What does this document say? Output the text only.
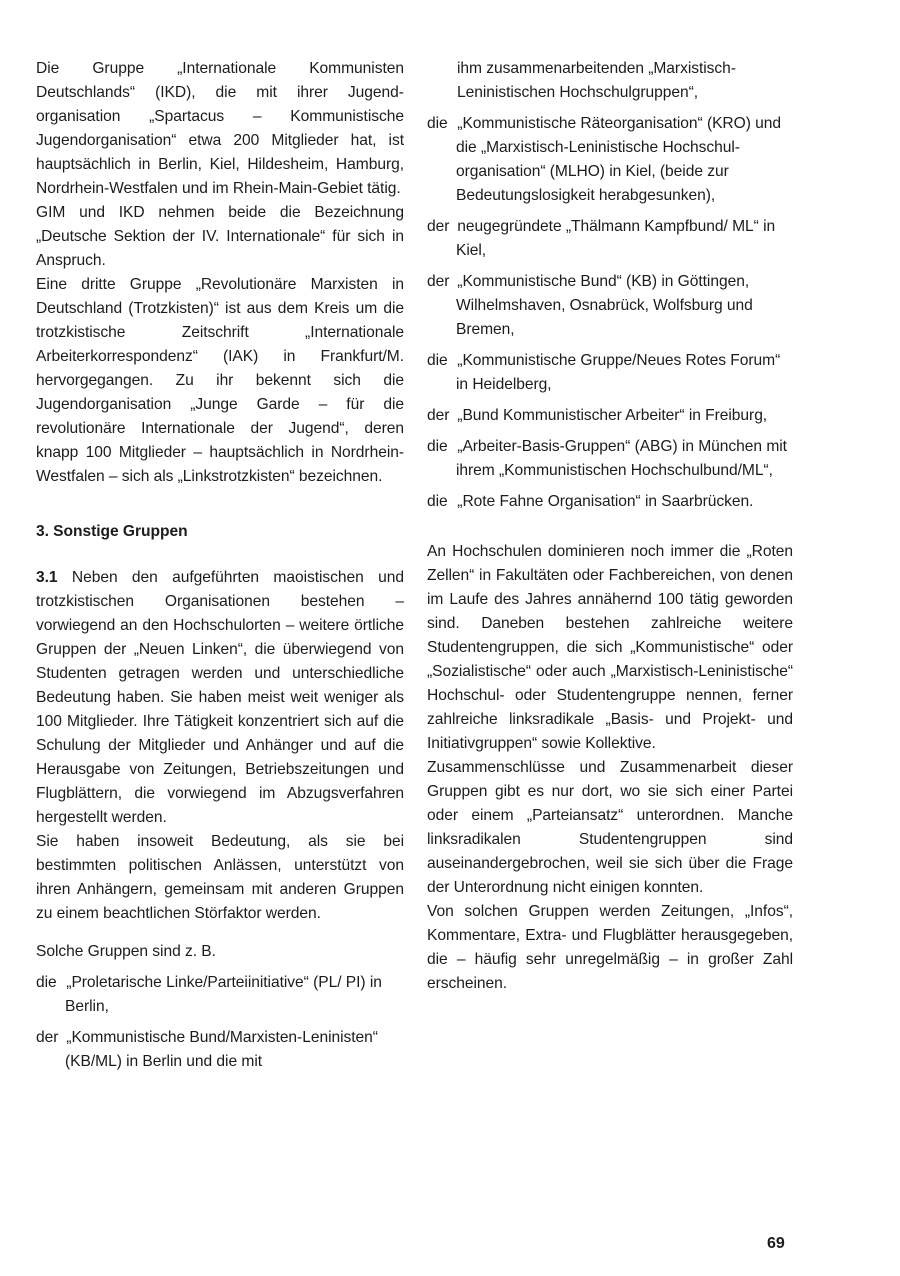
Die Gruppe „Internationale Kommunisten Deutschlands“ (IKD), die mit ihrer Jugendorganisation „Spartacus – Kommunistische Jugendorganisation“ etwa 200 Mitglieder hat, ist hauptsächlich in Berlin, Kiel, Hildesheim, Hamburg, Nordrhein-Westfalen und im Rhein-Main-Gebiet tätig.

GIM und IKD nehmen beide die Bezeichnung „Deutsche Sektion der IV. Internationale“ für sich in Anspruch.

Eine dritte Gruppe „Revolutionäre Marxisten in Deutschland (Trotzkisten)“ ist aus dem Kreis um die trotzkistische Zeitschrift „Internationale Arbeiterkorrespondenz“ (IAK) in Frankfurt/M. hervorgegangen. Zu ihr bekennt sich die Jugendorganisation „Junge Garde – für die revolutionäre Internationale der Jugend“, deren knapp 100 Mitglieder – hauptsächlich in Nordrhein-Westfalen – sich als „Linkstrotzkisten“ bezeichnen.

3. Sonstige Gruppen

3.1 Neben den aufgeführten maoistischen und trotzkistischen Organisationen bestehen – vorwiegend an den Hochschulorten – weitere örtliche Gruppen der „Neuen Linken“, die überwiegend von Studenten getragen werden und unterschiedliche Bedeutung haben. Sie haben meist weit weniger als 100 Mitglieder. Ihre Tätigkeit konzentriert sich auf die Schulung der Mitglieder und Anhänger und auf die Herausgabe von Zeitungen, Betriebszeitungen und Flugblättern, die vorwiegend im Abzugsverfahren hergestellt werden.

Sie haben insoweit Bedeutung, als sie bei bestimmten politischen Anlässen, unterstützt von ihren Anhängern, gemeinsam mit anderen Gruppen zu einem beachtlichen Störfaktor werden.

Solche Gruppen sind z. B.

die „Proletarische Linke/Parteiinitiative“ (PL/ PI) in Berlin,

der „Kommunistische Bund/Marxisten-Leninisten“ (KB/ML) in Berlin und die mit

ihm zusammenarbeitenden „Marxistisch-Leninistischen Hochschulgruppen“,

die „Kommunistische Räteorganisation“ (KRO) und die „Marxistisch-Leninistische Hochschulorganisation“ (MLHO) in Kiel, (beide zur Bedeutungslosigkeit herabgesunken),

der neugegründete „Thälmann Kampfbund/ ML“ in Kiel,

der „Kommunistische Bund“ (KB) in Göttingen, Wilhelmshaven, Osnabrück, Wolfsburg und Bremen,

die „Kommunistische Gruppe/Neues Rotes Forum“ in Heidelberg,

der „Bund Kommunistischer Arbeiter“ in Freiburg,

die „Arbeiter-Basis-Gruppen“ (ABG) in München mit ihrem „Kommunistischen Hochschulbund/ML“,

die „Rote Fahne Organisation“ in Saarbrücken.

An Hochschulen dominieren noch immer die „Roten Zellen“ in Fakultäten oder Fachbereichen, von denen im Laufe des Jahres annähernd 100 tätig geworden sind. Daneben bestehen zahlreiche weitere Studentengruppen, die sich „Kommunistische“ oder „Sozialistische“ oder auch „Marxistisch-Leninistische“ Hochschul- oder Studentengruppe nennen, ferner zahlreiche linksradikale „Basis- und Projekt- und Initiativgruppen“ sowie Kollektive.

Zusammenschlüsse und Zusammenarbeit dieser Gruppen gibt es nur dort, wo sie sich einer Partei oder einem „Parteiansatz“ unterordnen. Manche linksradikalen Studentengruppen sind auseinandergebrochen, weil sie sich über die Frage der Unterordnung nicht einigen konnten.

Von solchen Gruppen werden Zeitungen, „Infos“, Kommentare, Extra- und Flugblätter herausgegeben, die – häufig sehr unregelmäßig – in großer Zahl erscheinen.

69
